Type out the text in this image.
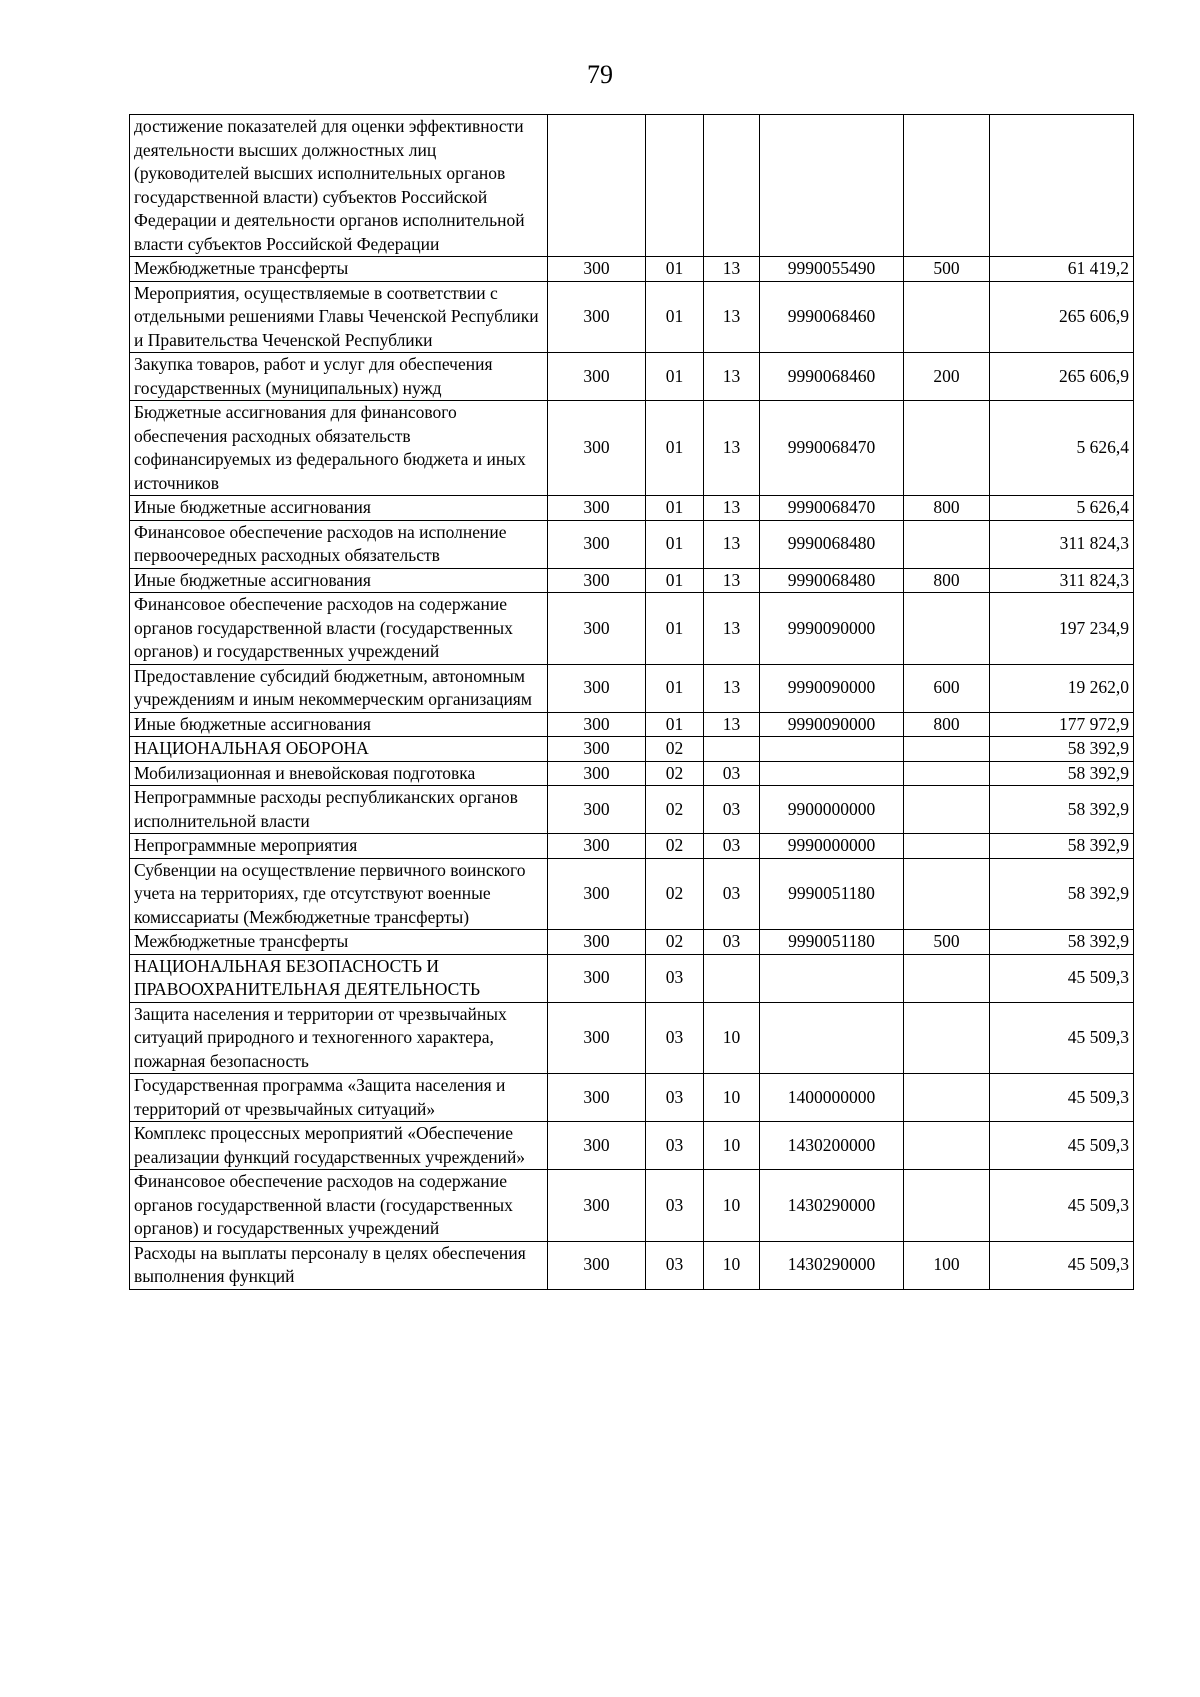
79
достижение показателей для оценки эффективности деятельности высших должностных лиц (руководителей высших исполнительных органов государственной власти) субъектов Российской Федерации и деятельности органов исполнительной власти субъектов Российской Федерации						
Межбюджетные трансферты	300	01	13	9990055490	500	61 419,2
Мероприятия, осуществляемые в соответствии с отдельными решениями Главы Чеченской Республики и Правительства Чеченской Республики	300	01	13	9990068460		265 606,9
Закупка товаров, работ и услуг для обеспечения государственных (муниципальных) нужд	300	01	13	9990068460	200	265 606,9
Бюджетные ассигнования для финансового обеспечения расходных обязательств софинансируемых из федерального бюджета и иных источников	300	01	13	9990068470		5 626,4
Иные бюджетные ассигнования	300	01	13	9990068470	800	5 626,4
Финансовое обеспечение расходов на исполнение первоочередных расходных обязательств	300	01	13	9990068480		311 824,3
Иные бюджетные ассигнования	300	01	13	9990068480	800	311 824,3
Финансовое обеспечение расходов на содержание органов государственной власти (государственных органов) и государственных учреждений	300	01	13	9990090000		197 234,9
Предоставление субсидий бюджетным, автономным учреждениям и иным некоммерческим организациям	300	01	13	9990090000	600	19 262,0
Иные бюджетные ассигнования	300	01	13	9990090000	800	177 972,9
НАЦИОНАЛЬНАЯ ОБОРОНА	300	02				58 392,9
Мобилизационная и вневойсковая подготовка	300	02	03			58 392,9
Непрограммные расходы республиканских органов исполнительной власти	300	02	03	9900000000		58 392,9
Непрограммные мероприятия	300	02	03	9990000000		58 392,9
Субвенции на осуществление первичного воинского учета на территориях, где отсутствуют военные комиссариаты (Межбюджетные трансферты)	300	02	03	9990051180		58 392,9
Межбюджетные трансферты	300	02	03	9990051180	500	58 392,9
НАЦИОНАЛЬНАЯ БЕЗОПАСНОСТЬ И ПРАВООХРАНИТЕЛЬНАЯ ДЕЯТЕЛЬНОСТЬ	300	03				45 509,3
Защита населения и территории от чрезвычайных ситуаций природного и техногенного характера, пожарная безопасность	300	03	10			45 509,3
Государственная программа «Защита населения и территорий от чрезвычайных ситуаций»	300	03	10	1400000000		45 509,3
Комплекс процессных мероприятий «Обеспечение реализации функций государственных учреждений»	300	03	10	1430200000		45 509,3
Финансовое обеспечение расходов на содержание органов государственной власти (государственных органов) и государственных учреждений	300	03	10	1430290000		45 509,3
Расходы на выплаты персоналу в целях обеспечения выполнения функций	300	03	10	1430290000	100	45 509,3
